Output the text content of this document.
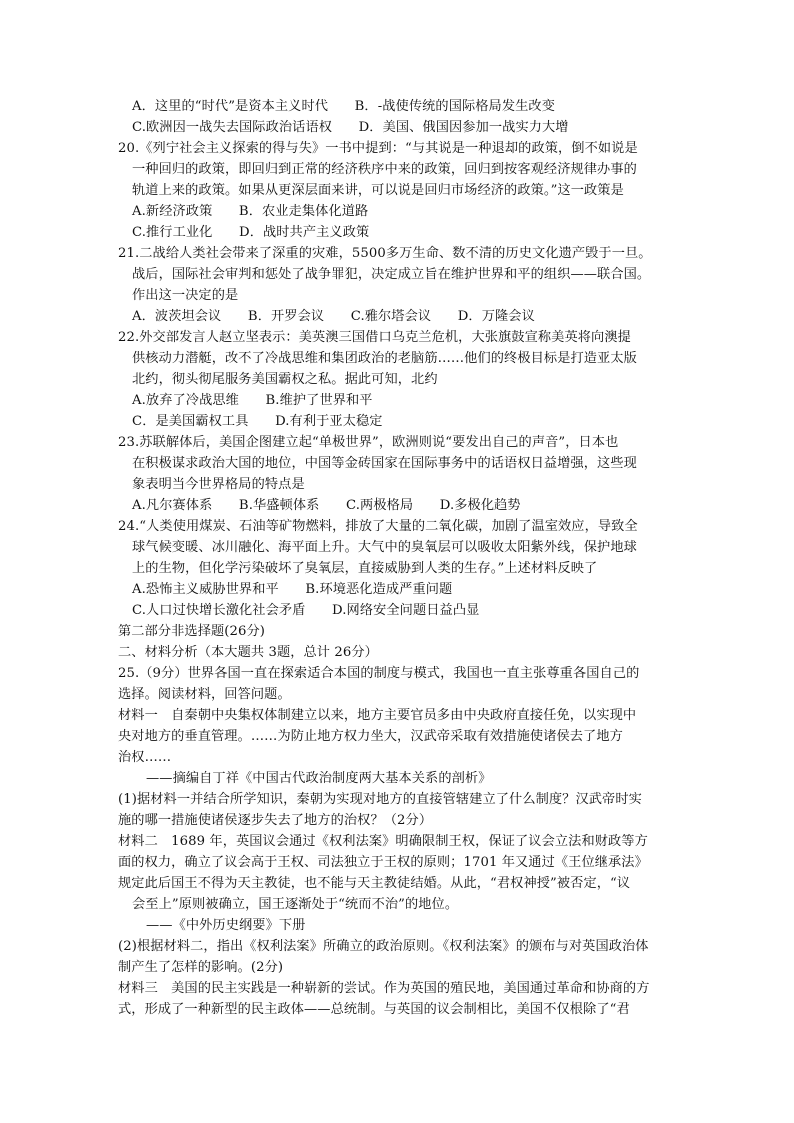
A．这里的“时代”是资本主义时代　　B．-战使传统的国际格局发生改变
C.欧洲因一战失去国际政治话语权　　D．美国、俄国因参加一战实力大增
20.《列宁社会主义探索的得与失》一书中提到：“与其说是一种退却的政策，倒不如说是
一种回归的政策，即回归到正常的经济秩序中来的政策，回归到按客观经济规律办事的
轨道上来的政策。如果从更深层面来讲，可以说是回归市场经济的政策。”这一政策是
A.新经济政策　　B．农业走集体化道路
C.推行工业化　　D．战时共产主义政策
21.二战给人类社会带来了深重的灾难，5500多万生命、数不清的历史文化遗产毁于一旦。
战后，国际社会审判和惩处了战争罪犯，决定成立旨在维护世界和平的组织——联合国。
作出这一决定的是
A．波茨坦会议　　B．开罗会议　　C.雅尔塔会议　　D．万隆会议
22.外交部发言人赵立坚表示：美英澳三国借口乌克兰危机，大张旗鼓宣称美英将向澳提
供核动力潜艇，改不了冷战思维和集团政治的老脑筋……他们的终极目标是打造亚太版
北约，彻头彻尾服务美国霸权之私。据此可知，北约
A.放弃了冷战思维　　B.维护了世界和平
C．是美国霸权工具　　D.有利于亚太稳定
23.苏联解体后，美国企图建立起“单极世界”，欧洲则说“要发出自己的声音”，日本也
在积极谋求政治大国的地位，中国等金砖国家在国际事务中的话语权日益增强，这些现
象表明当今世界格局的特点是
A.凡尔赛体系　　B.华盛顿体系　　C.两极格局　　D.多极化趋势
24.“人类使用煤炭、石油等矿物燃料，排放了大量的二氧化碳，加剧了温室效应，导致全
球气候变暖、冰川融化、海平面上升。大气中的臭氧层可以吸收太阳紫外线，保护地球
上的生物，但化学污染破坏了臭氧层，直接威胁到人类的生存。”上述材料反映了
A.恐怖主义威胁世界和平　　B.环境恶化造成严重问题
C.人口过快增长激化社会矛盾　　D.网络安全问题日益凸显
第二部分非选择题(26分)
二、材料分析（本大题共 3题，总计 26分）
25.（9分）世界各国一直在探索适合本国的制度与模式，我国也一直主张尊重各国自己的
选择。阅读材料，回答问题。
材料一　自秦朝中央集权体制建立以来，地方主要官员多由中央政府直接任免，以实现中
央对地方的垂直管理。……为防止地方权力坐大，汉武帝采取有效措施使诸侯去了地方
治权……
——摘编自丁祥《中国古代政治制度两大基本关系的剖析》
(1)据材料一并结合所学知识，秦朝为实现对地方的直接管辖建立了什么制度？汉武帝时实
施的哪一措施使诸侯逐步失去了地方的治权？（2分）
材料二　1689 年，英国议会通过《权利法案》明确限制王权，保证了议会立法和财政等方
面的权力，确立了议会高于王权、司法独立于王权的原则；1701 年又通过《王位继承法》
规定此后国王不得为天主教徒，也不能与天主教徒结婚。从此，“君权神授”被否定，“议
会至上”原则被确立，国王逐渐处于“统而不治”的地位。
——《中外历史纲要》下册
(2)根据材料二，指出《权利法案》所确立的政治原则。《权利法案》的颁布与对英国政治体
制产生了怎样的影响。(2分)
材料三　美国的民主实践是一种崭新的尝试。作为英国的殖民地，美国通过革命和协商的方
式，形成了一种新型的民主政体——总统制。与英国的议会制相比，美国不仅根除了“君
